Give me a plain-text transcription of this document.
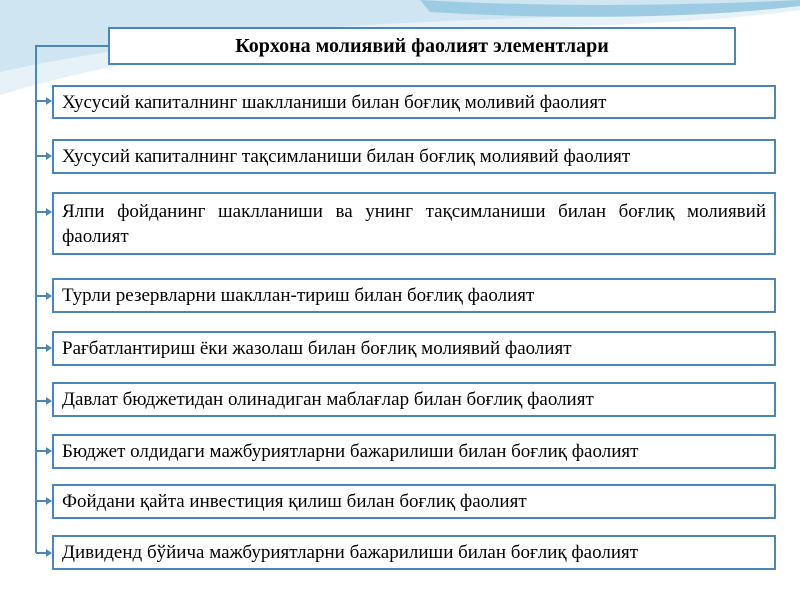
Корхона молиявий фаолият элементлари
Хусусий капиталнинг шаклланиши билан боғлиқ моливий фаолият
Хусусий капиталнинг тақсимланиши билан боғлиқ молиявий фаолият
Ялпи фойданинг шаклланиши ва унинг тақсимланиши билан боғлиқ молиявий фаолият
Турли резервларни шакллан-тириш билан боғлиқ фаолият
Рағбатлантириш ёки жазолаш билан боғлиқ молиявий фаолият
Давлат бюджетидан олинадиган маблағлар билан боғлиқ фаолият
Бюджет олдидаги мажбуриятларни бажарилиши билан боғлиқ фаолият
Фойдани қайта инвестиция қилиш билан боғлиқ фаолият
Дивиденд бўйича мажбуриятларни бажарилиши билан боғлиқ фаолият
